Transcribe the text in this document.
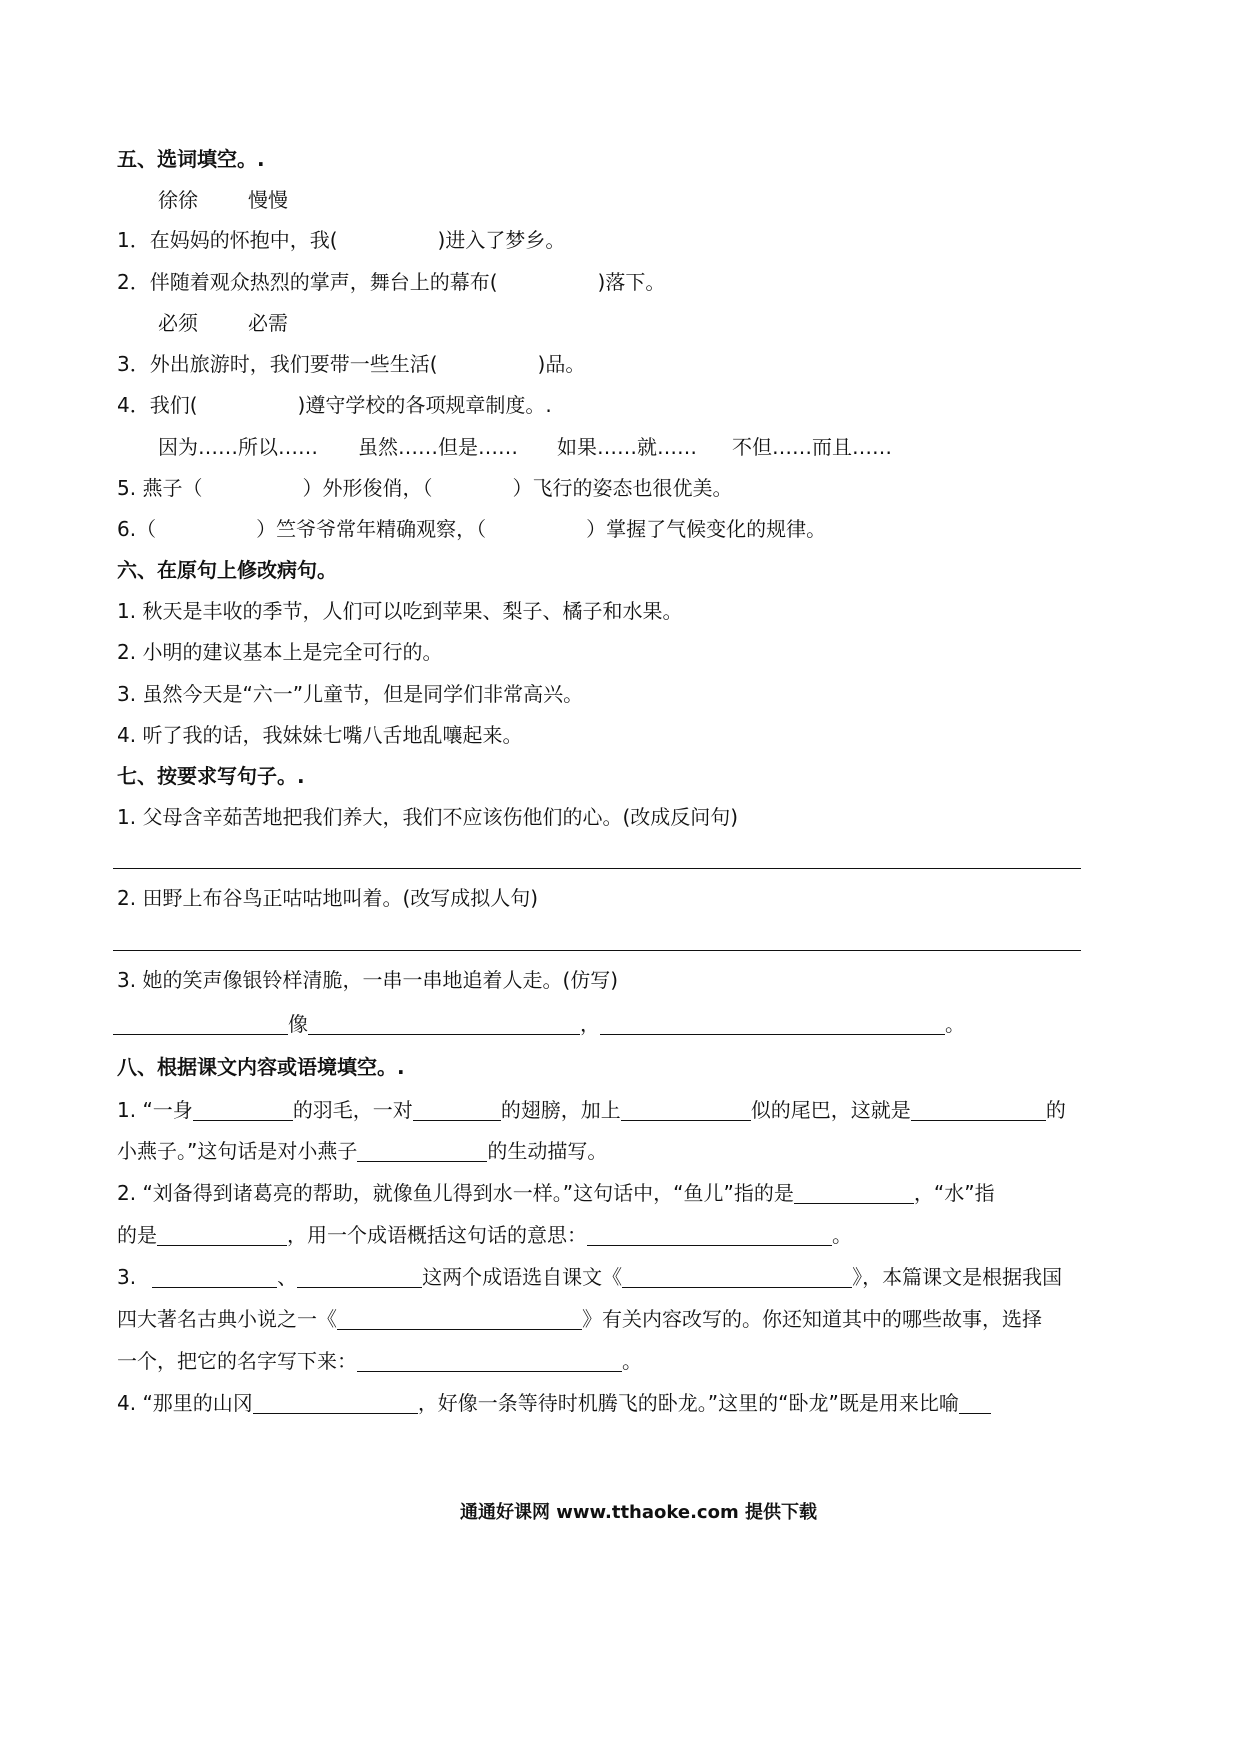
五、选词填空。.
徐徐	慢慢
1．在妈妈的怀抱中，我(	)进入了梦乡。
2．伴随着观众热烈的掌声，舞台上的幕布(	)落下。
必须	必需
3．外出旅游时，我们要带一些生活(	)品。
4．我们(	)遵守学校的各项规章制度。.
因为……所以…… 虽然……但是…… 如果……就…… 不但……而且……
5. 燕子（	）外形俊俏，（	）飞行的姿态也很优美。
6.（	）竺爷爷常年精确观察，（	）掌握了气候变化的规律。
六、在原句上修改病句。
1. 秋天是丰收的季节，人们可以吃到苹果、梨子、橘子和水果。
2. 小明的建议基本上是完全可行的。
3. 虽然今天是“六一”儿童节，但是同学们非常高兴。
4. 听了我的话，我妹妹七嘴八舌地乱嚷起来。
七、按要求写句子。.
1. 父母含辛茹苦地把我们养大，我们不应该伤他们的心。(改成反问句)
2. 田野上布谷鸟正咕咕地叫着。(改写成拟人句)
3. 她的笑声像银铃样清脆，一串一串地追着人走。(仿写)
像	，	。
八、根据课文内容或语境填空。.
1. “一身	的羽毛，一对	的翅膀，加上	似的尾巴，这就是	的
小燕子。”这句话是对小燕子	的生动描写。
2. “刘备得到诸葛亮的帮助，就像鱼儿得到水一样。”这句话中，“鱼儿”指的是	，“水”指
的是	，用一个成语概括这句话的意思：	。
3.	、	这两个成语选自课文《	》，本篇课文是根据我国
四大著名古典小说之一《	》有关内容改写的。你还知道其中的哪些故事，选择
一个，把它的名字写下来：	。
4. “那里的山冈	，好像一条等待时机腾飞的卧龙。”这里的“卧龙”既是用来比喻
通通好课网 www.tthaoke.com 提供下载
